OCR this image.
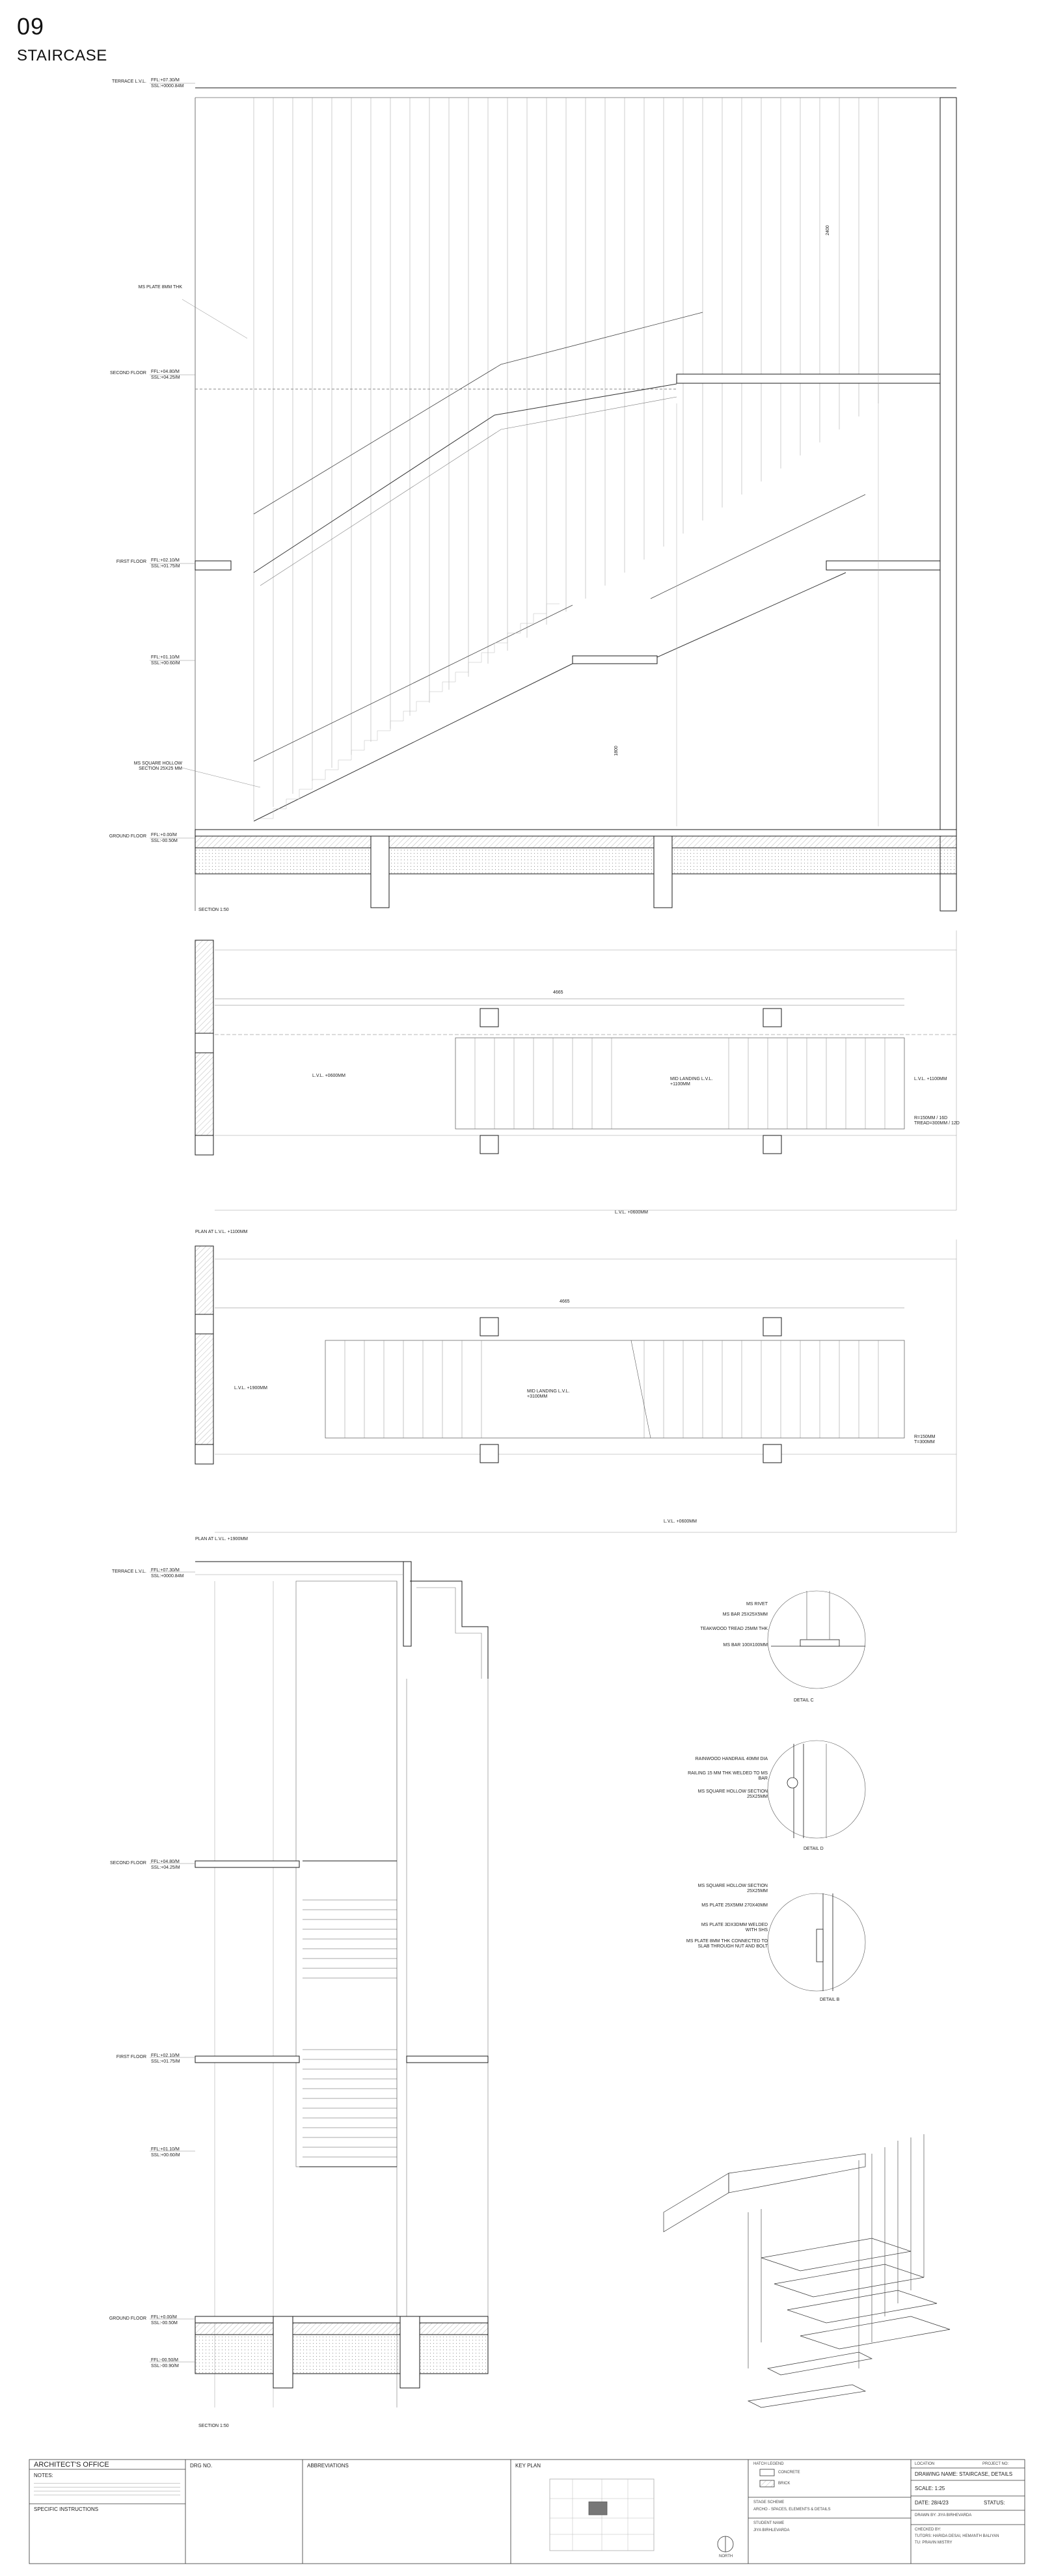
09
STAIRCASE
TERRACE L.V.L. FFL:+07.30/M
SSL:+0000.84M
SECOND FLOOR FFL:+04.80/M
SSL:+04.25/M
FIRST FLOOR FFL:+02.10/M
SSL:+01.75/M
FFL:+01.10/M
SSL:+00.60/M
GROUND FLOOR FFL:+0.00/M
SSL:-00.50M
MS PLATE 8MM THK
MS SQUARE HOLLOW SECTION 25X25 MM
2400
1800
SECTION 1:50
L.V.L. +0600MM
MID LANDING L.V.L. +1100MM
L.V.L. +1100MM
R=150MM / 16D
TREAD=300MM / 12D
L.V.L. +0600MM
4665
PLAN AT L.V.L. +1100MM
L.V.L. +1900MM
MID LANDING L.V.L. +3100MM
R=150MM
T=300MM
L.V.L. +0600MM
4665
PLAN AT L.V.L. +1900MM
TERRACE L.V.L. FFL:+07.30/M
SSL:+0000.84M
SECOND FLOOR FFL:+04.80/M
SSL:+04.25/M
FIRST FLOOR FFL:+02.10/M
SSL:+01.75/M
FFL:+01.10/M
SSL:+00.60/M
GROUND FLOOR FFL:+0.00/M
SSL:-00.50M
FFL:-00.50/M
SSL:-00.90/M
SECTION 1:50
MS RIVET
MS BAR 25X25X5MM
TEAKWOOD TREAD 25MM THK
MS BAR 100X100MM
DETAIL C
RAINWOOD HANDRAIL 40MM DIA
RAILING 15 MM THK WELDED TO MS BAR
MS SQUARE HOLLOW SECTION 25X25MM
DETAIL D
MS SQUARE HOLLOW SECTION 25X25MM
MS PLATE 25X5MM 270X40MM
MS PLATE 3DX3DMM WELDED WITH SHS
MS PLATE 8MM THK CONNECTED TO SLAB THROUGH NUT AND BOLT
DETAIL B
ARCHITECT'S OFFICE	DRG NO.
NOTES:
SPECIFIC INSTRUCTIONS
ABBREVIATIONS	KEY PLAN	HATCH LEGEND
CONCRETE
BRICK
STAGE SCHEME
ARCHO - SPACES, ELEMENTS & DETAILS
STUDENT NAME
JIYA BIRHLEVARDA
NORTH
LOCATION	PROJECT NO:
DRAWING NAME: STAIRCASE, DETAILS
SCALE: 1:25
DATE: 28/4/23	STATUS:
DRAWN BY: JIYA BIRHEVARDA
CHECKED BY:
TUTORS: HARIDA DESAI, HEMANTH BALIYAN
TU: PRAVIN MISTRY
